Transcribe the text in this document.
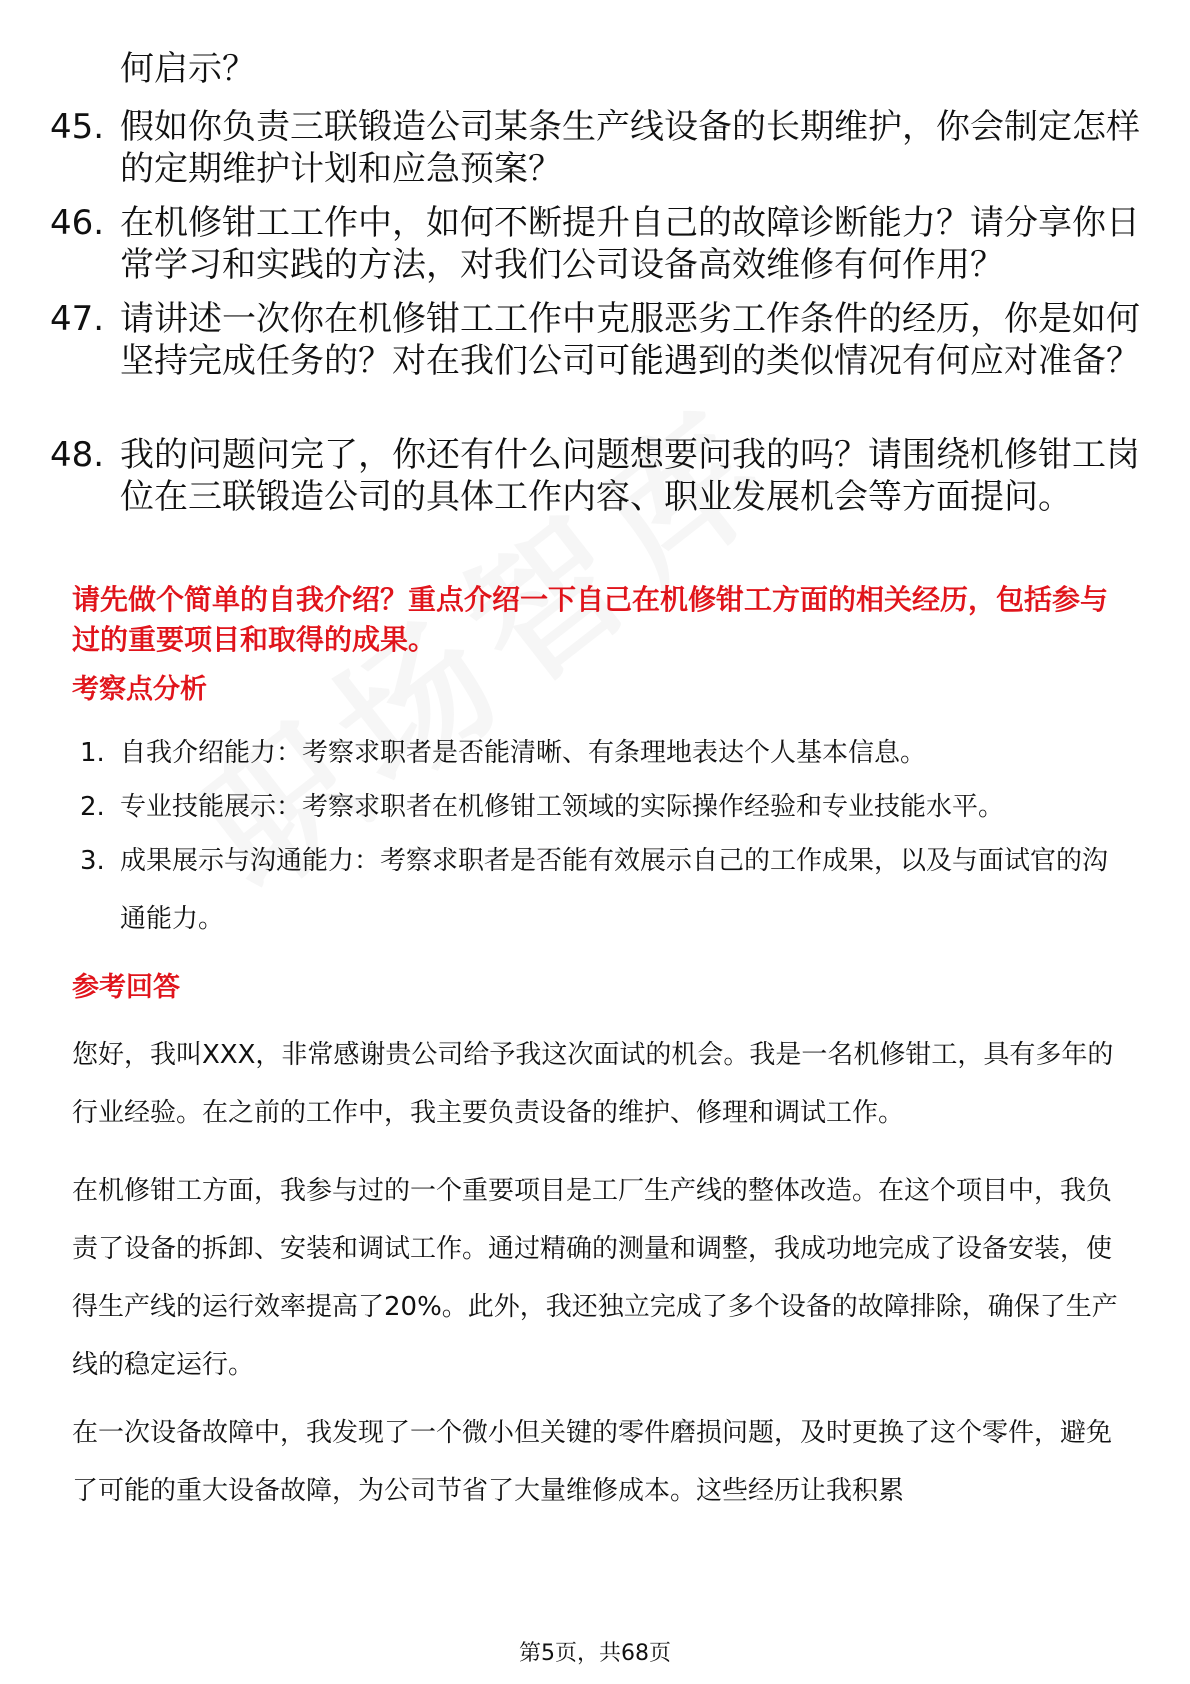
何启示？
45. 假如你负责三联锻造公司某条生产线设备的长期维护，你会制定怎样的定期维护计划和应急预案？
46. 在机修钳工工作中，如何不断提升自己的故障诊断能力？请分享你日常学习和实践的方法，对我们公司设备高效维修有何作用？
47. 请讲述一次你在机修钳工工作中克服恶劣工作条件的经历，你是如何坚持完成任务的？对在我们公司可能遇到的类似情况有何应对准备？
48. 我的问题问完了，你还有什么问题想要问我的吗？请围绕机修钳工岗位在三联锻造公司的具体工作内容、职业发展机会等方面提问。
请先做个简单的自我介绍？重点介绍一下自己在机修钳工方面的相关经历，包括参与过的重要项目和取得的成果。
考察点分析
1. 自我介绍能力：考察求职者是否能清晰、有条理地表达个人基本信息。
2. 专业技能展示：考察求职者在机修钳工领域的实际操作经验和专业技能水平。
3. 成果展示与沟通能力：考察求职者是否能有效展示自己的工作成果，以及与面试官的沟通能力。
参考回答
您好，我叫XXX，非常感谢贵公司给予我这次面试的机会。我是一名机修钳工，具有多年的行业经验。在之前的工作中，我主要负责设备的维护、修理和调试工作。
在机修钳工方面，我参与过的一个重要项目是工厂生产线的整体改造。在这个项目中，我负责了设备的拆卸、安装和调试工作。通过精确的测量和调整，我成功地完成了设备安装，使得生产线的运行效率提高了20%。此外，我还独立完成了多个设备的故障排除，确保了生产线的稳定运行。
在一次设备故障中，我发现了一个微小但关键的零件磨损问题，及时更换了这个零件，避免了可能的重大设备故障，为公司节省了大量维修成本。这些经历让我积累
第5页，共68页
